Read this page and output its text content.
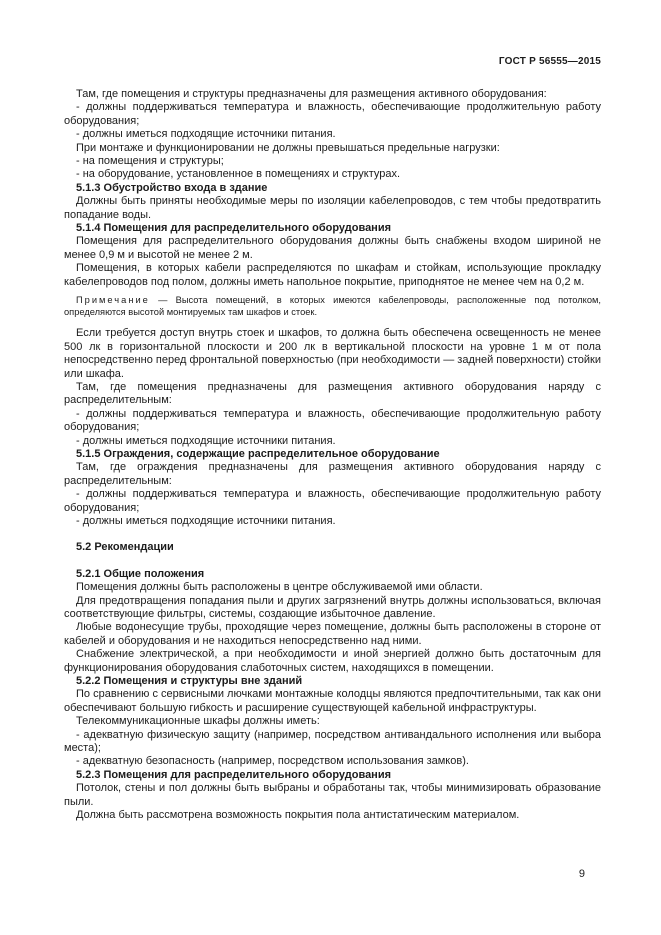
ГОСТ Р 56555—2015

Там, где помещения и структуры предназначены для размещения активного оборудования:

- должны поддерживаться температура и влажность, обеспечивающие продолжительную работу оборудования;

- должны иметься подходящие источники питания.

При монтаже и функционировании не должны превышаться предельные нагрузки:

- на помещения и структуры;

- на оборудование, установленное в помещениях и структурах.

5.1.3 Обустройство входа в здание

Должны быть приняты необходимые меры по изоляции кабелепроводов, с тем чтобы предотвратить попадание воды.

5.1.4 Помещения для распределительного оборудования

Помещения для распределительного оборудования должны быть снабжены входом шириной не менее 0,9 м и высотой не менее 2 м.

Помещения, в которых кабели распределяются по шкафам и стойкам, использующие прокладку кабелепроводов под полом, должны иметь напольное покрытие, приподнятое не менее чем на 0,2 м.

Примечание — Высота помещений, в которых имеются кабелепроводы, расположенные под потолком, определяются высотой монтируемых там шкафов и стоек.

Если требуется доступ внутрь стоек и шкафов, то должна быть обеспечена освещенность не менее 500 лк в горизонтальной плоскости и 200 лк в вертикальной плоскости на уровне 1 м от пола непосредственно перед фронтальной поверхностью (при необходимости — задней поверхности) стойки или шкафа.

Там, где помещения предназначены для размещения активного оборудования наряду с распределительным:

- должны поддерживаться температура и влажность, обеспечивающие продолжительную работу оборудования;

- должны иметься подходящие источники питания.

5.1.5 Ограждения, содержащие распределительное оборудование

Там, где ограждения предназначены для размещения активного оборудования наряду с распределительным:

- должны поддерживаться температура и влажность, обеспечивающие продолжительную работу оборудования;

- должны иметься подходящие источники питания.

5.2 Рекомендации

5.2.1 Общие положения

Помещения должны быть расположены в центре обслуживаемой ими области.

Для предотвращения попадания пыли и других загрязнений внутрь должны использоваться, включая соответствующие фильтры, системы, создающие избыточное давление.

Любые водонесущие трубы, проходящие через помещение, должны быть расположены в стороне от кабелей и оборудования и не находиться непосредственно над ними.

Снабжение электрической, а при необходимости и иной энергией должно быть достаточным для функционирования оборудования слаботочных систем, находящихся в помещении.

5.2.2 Помещения и структуры вне зданий

По сравнению с сервисными лючками монтажные колодцы являются предпочтительными, так как они обеспечивают большую гибкость и расширение существующей кабельной инфраструктуры.

Телекоммуникационные шкафы должны иметь:

- адекватную физическую защиту (например, посредством антивандального исполнения или выбора места);

- адекватную безопасность (например, посредством использования замков).

5.2.3 Помещения для распределительного оборудования

Потолок, стены и пол должны быть выбраны и обработаны так, чтобы минимизировать образование пыли.

Должна быть рассмотрена возможность покрытия пола антистатическим материалом.

9
